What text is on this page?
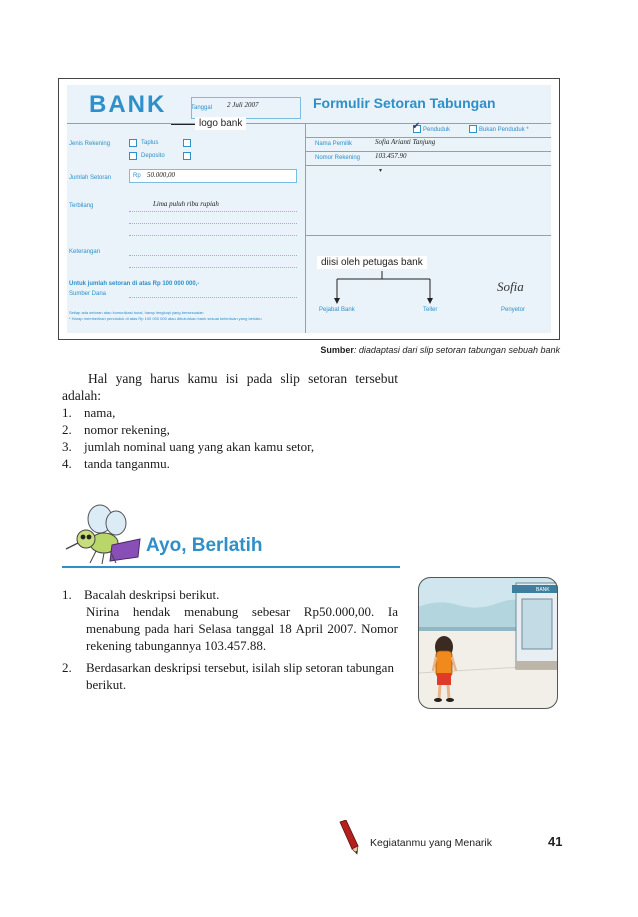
BANK	Tanggal 2 Juli 2007	Formulir Setoran Tabungan
Jenis Rekening	Taplus
Deposito
Jumlah Setoran	Rp 50.000,00
Terbilang	Lima puluh ribu rupiah
Keterangan
Untuk jumlah setoran di atas Rp 100 000 000,-
Sumber Dana
Setiap ada setoran atau komunikasi tunai, harap lengkapi yang bersesuaian
* Harap memberikan penduduk di atas Rp 100 000 000 atau dibutuhkan bank sesuai ketentuan yang berlaku
✔ Penduduk	Bukan Penduduk *
Nama Pemilik	Sofia Arianti Tanjung
Nomor Rekening 103.457.90
▾
Pejabat Bank	Teller	Penyetor
Sofia
logo bank
diisi oleh petugas bank
Sumber: diadaptasi dari slip setoran tabungan sebuah bank
Hal yang harus kamu isi pada slip setoran tersebut adalah:
1. nama,
2. nomor rekening,
3. jumlah nominal uang yang akan kamu setor,
4. tanda tanganmu.
Ayo, Berlatih
1. Bacalah deskripsi berikut.
Nirina hendak menabung sebesar Rp50.000,00. Ia menabung pada hari Selasa tanggal 18 April 2007. Nomor rekening tabungannya 103.457.88.
2. Berdasarkan deskripsi tersebut, isilah slip setoran tabungan berikut.
BANK
Kegiatanmu yang Menarik	41
